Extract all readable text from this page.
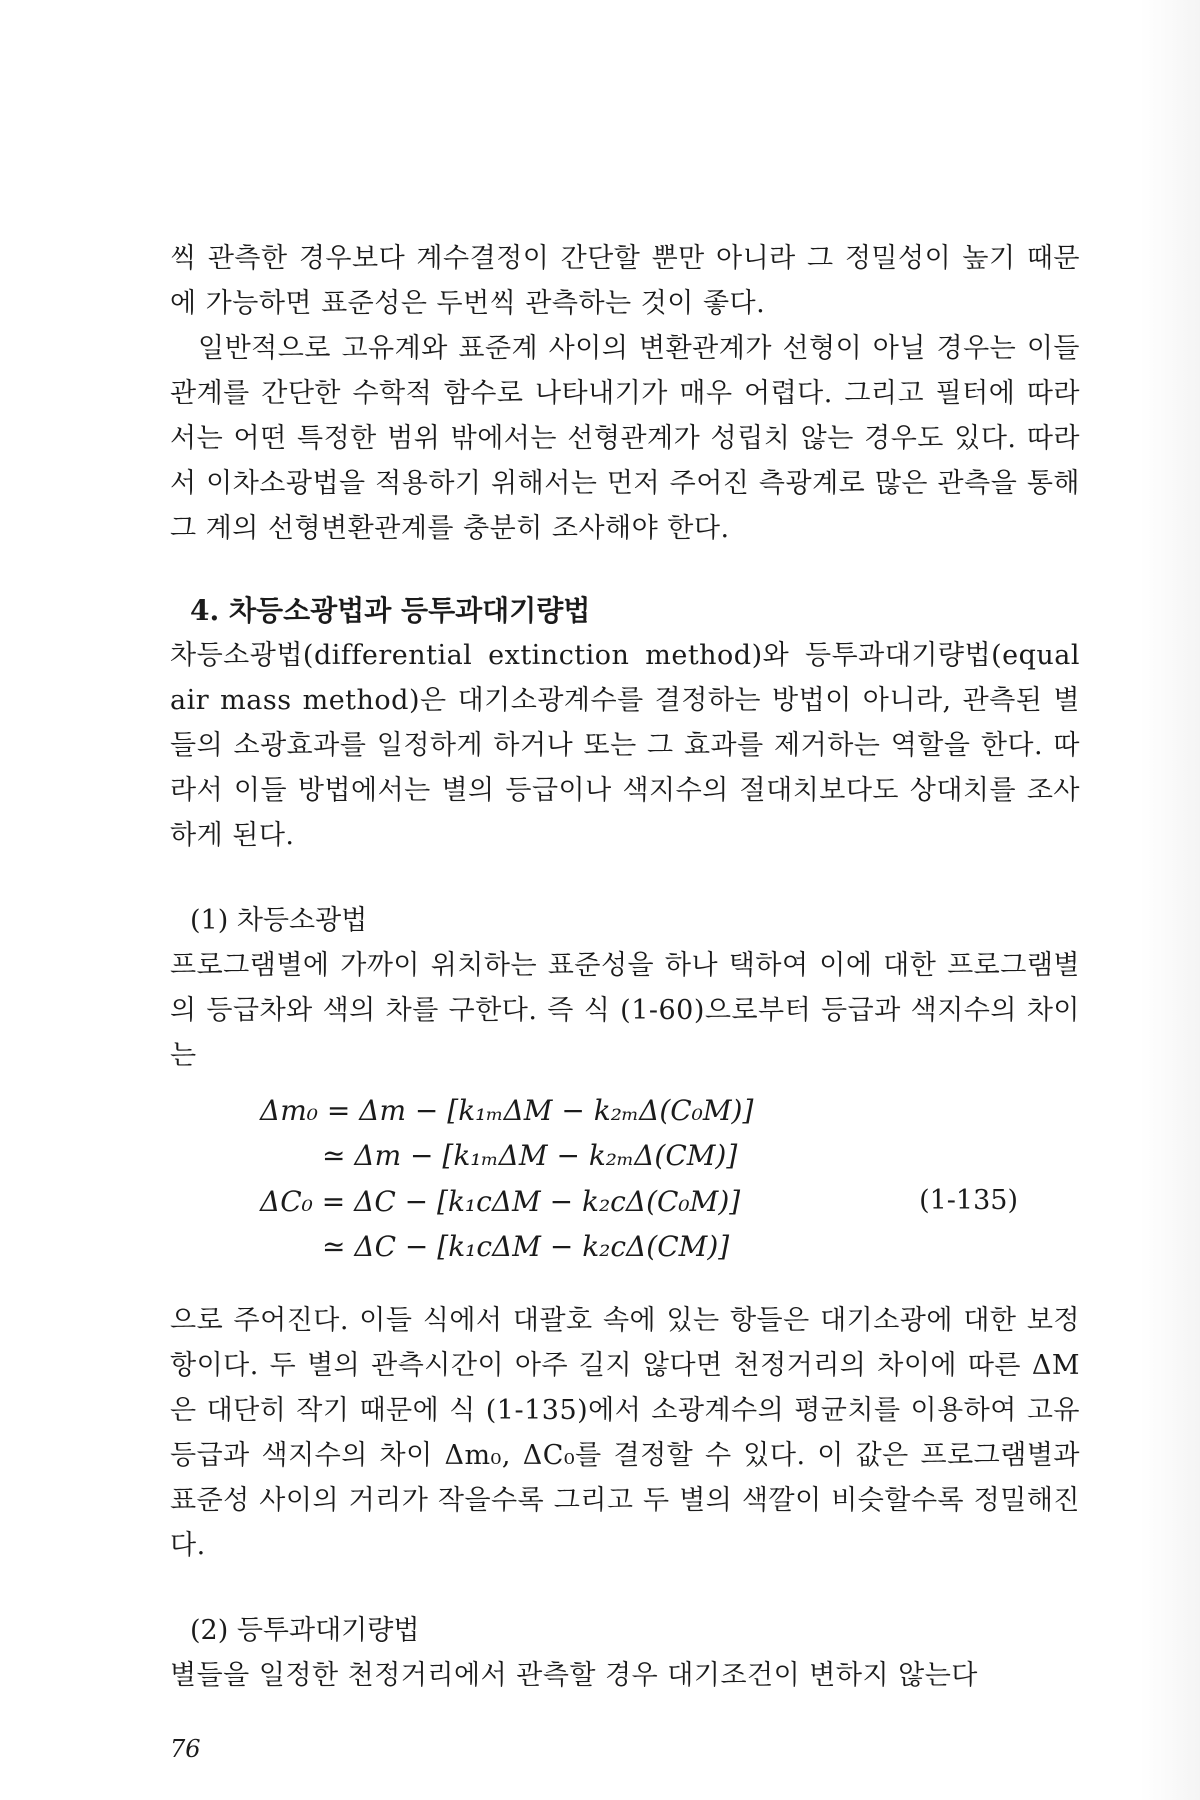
씩 관측한 경우보다 계수결정이 간단할 뿐만 아니라 그 정밀성이 높기 때문에 가능하면 표준성은 두번씩 관측하는 것이 좋다.

일반적으로 고유계와 표준계 사이의 변환관계가 선형이 아닐 경우는 이들 관계를 간단한 수학적 함수로 나타내기가 매우 어렵다. 그리고 필터에 따라서는 어떤 특정한 범위 밖에서는 선형관계가 성립치 않는 경우도 있다. 따라서 이차소광법을 적용하기 위해서는 먼저 주어진 측광계로 많은 관측을 통해 그 계의 선형변환관계를 충분히 조사해야 한다.

4. 차등소광법과 등투과대기량법

차등소광법(differential extinction method)와 등투과대기량법(equal air mass method)은 대기소광계수를 결정하는 방법이 아니라, 관측된 별들의 소광효과를 일정하게 하거나 또는 그 효과를 제거하는 역할을 한다. 따라서 이들 방법에서는 별의 등급이나 색지수의 절대치보다도 상대치를 조사하게 된다.

(1) 차등소광법

프로그램별에 가까이 위치하는 표준성을 하나 택하여 이에 대한 프로그램별의 등급차와 색의 차를 구한다. 즉 식 (1-60)으로부터 등급과 색지수의 차이는

Δm₀ = Δm − [k₁ₘΔM − k₂ₘΔ(C₀M)]
≃ Δm − [k₁ₘΔM − k₂ₘΔ(CM)]
ΔC₀ = ΔC − [k₁cΔM − k₂cΔ(C₀M)]
≃ ΔC − [k₁cΔM − k₂cΔ(CM)]
(1-135)

으로 주어진다. 이들 식에서 대괄호 속에 있는 항들은 대기소광에 대한 보정항이다. 두 별의 관측시간이 아주 길지 않다면 천정거리의 차이에 따른 ΔM은 대단히 작기 때문에 식 (1-135)에서 소광계수의 평균치를 이용하여 고유등급과 색지수의 차이 Δm₀, ΔC₀를 결정할 수 있다. 이 값은 프로그램별과 표준성 사이의 거리가 작을수록 그리고 두 별의 색깔이 비슷할수록 정밀해진다.

(2) 등투과대기량법

별들을 일정한 천정거리에서 관측할 경우 대기조건이 변하지 않는다

76
